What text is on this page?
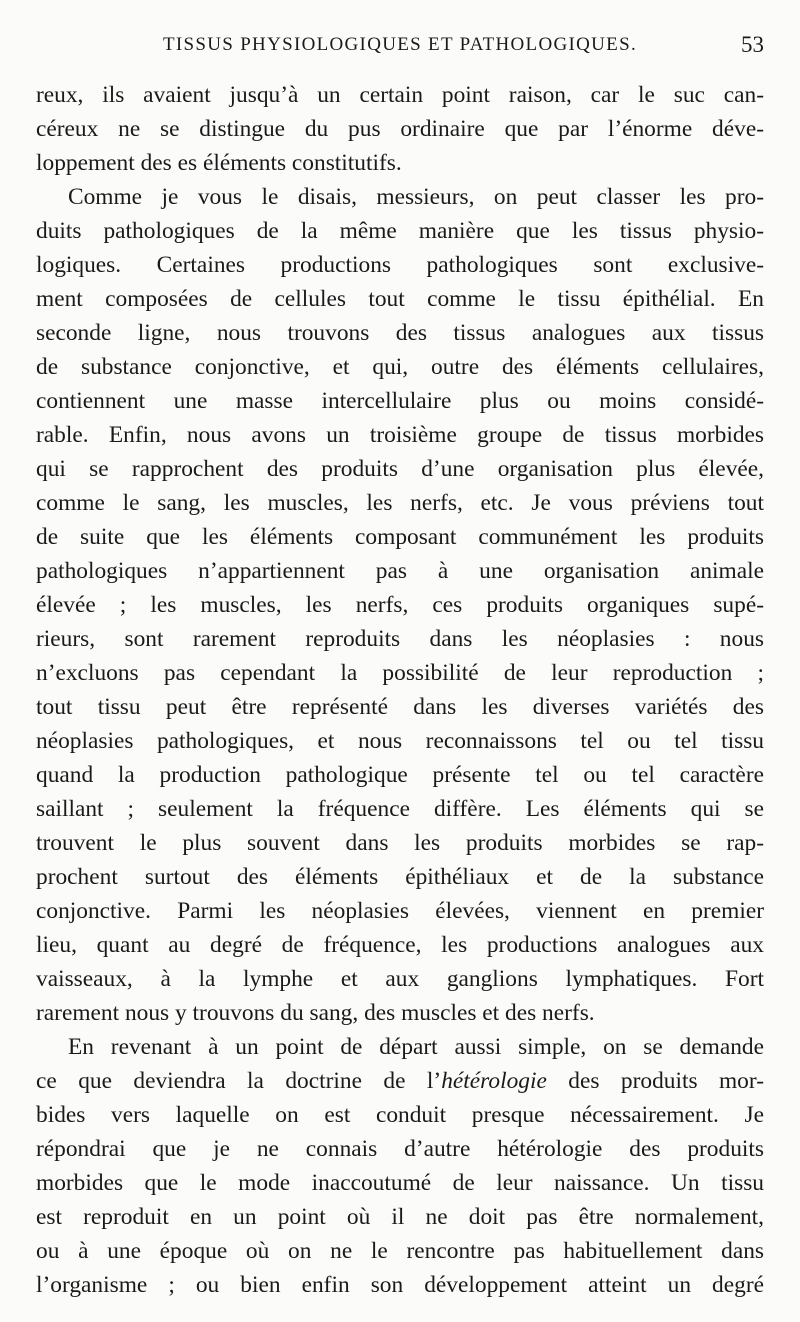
TISSUS PHYSIOLOGIQUES ET PATHOLOGIQUES.	53
reux, ils avaient jusqu’à un certain point raison, car le suc can-
céreux ne se distingue du pus ordinaire que par l’énorme déve-
loppement des es éléments constitutifs.
Comme je vous le disais, messieurs, on peut classer les pro-
duits pathologiques de la même manière que les tissus physio-
logiques. Certaines productions pathologiques sont exclusive-
ment composées de cellules tout comme le tissu épithélial. En
seconde ligne, nous trouvons des tissus analogues aux tissus
de substance conjonctive, et qui, outre des éléments cellulaires,
contiennent une masse intercellulaire plus ou moins considé-
rable. Enfin, nous avons un troisième groupe de tissus morbides
qui se rapprochent des produits d’une organisation plus élevée,
comme le sang, les muscles, les nerfs, etc. Je vous préviens tout
de suite que les éléments composant communément les produits
pathologiques n’appartiennent pas à une organisation animale
élevée ; les muscles, les nerfs, ces produits organiques supé-
rieurs, sont rarement reproduits dans les néoplasies : nous
n’excluons pas cependant la possibilité de leur reproduction ;
tout tissu peut être représenté dans les diverses variétés des
néoplasies pathologiques, et nous reconnaissons tel ou tel tissu
quand la production pathologique présente tel ou tel caractère
saillant ; seulement la fréquence diffère. Les éléments qui se
trouvent le plus souvent dans les produits morbides se rap-
prochent surtout des éléments épithéliaux et de la substance
conjonctive. Parmi les néoplasies élevées, viennent en premier
lieu, quant au degré de fréquence, les productions analogues aux
vaisseaux, à la lymphe et aux ganglions lymphatiques. Fort
rarement nous y trouvons du sang, des muscles et des nerfs.
En revenant à un point de départ aussi simple, on se demande
ce que deviendra la doctrine de l’hétérologie des produits mor-
bides vers laquelle on est conduit presque nécessairement. Je
répondrai que je ne connais d’autre hétérologie des produits
morbides que le mode inaccoutumé de leur naissance. Un tissu
est reproduit en un point où il ne doit pas être normalement,
ou à une époque où on ne le rencontre pas habituellement dans
l’organisme ; ou bien enfin son développement atteint un degré
